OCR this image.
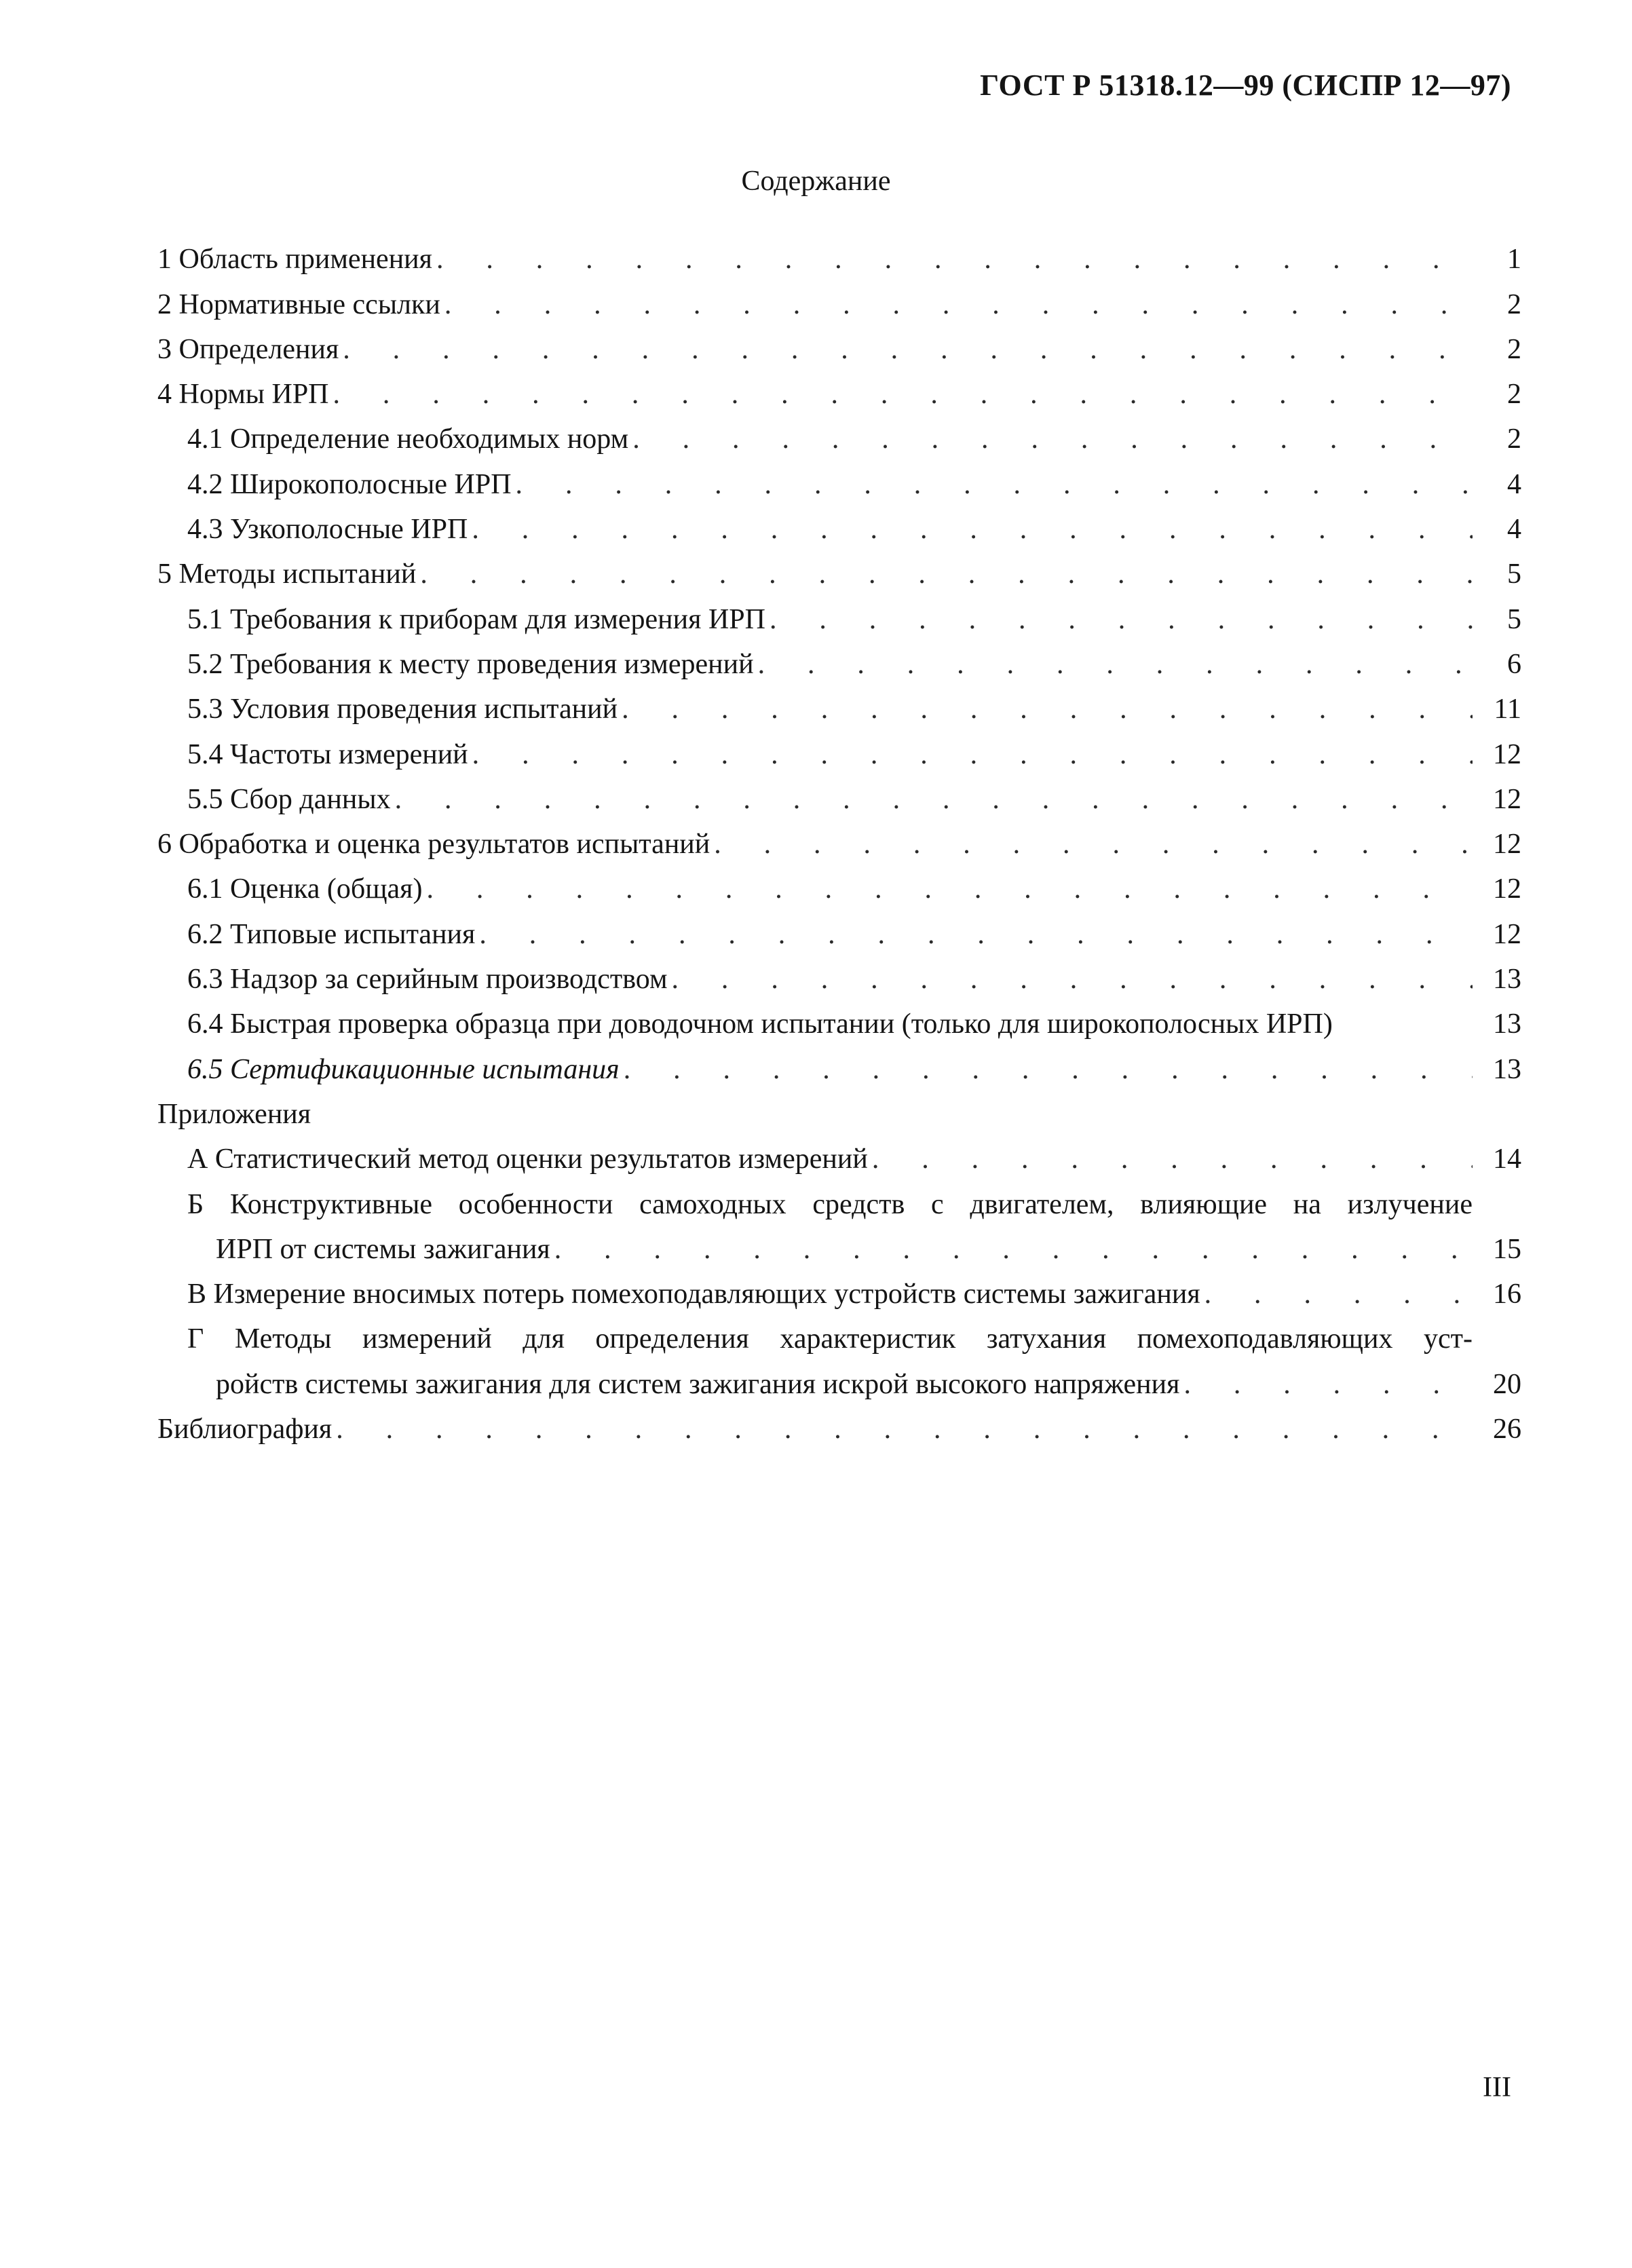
ГОСТ Р 51318.12—99 (СИСПР 12—97)
Содержание
1 Область применения . . .	1
2 Нормативные ссылки . . .	2
3 Определения . . .	2
4 Нормы ИРП . . .	2
4.1 Определение необходимых норм . . .	2
4.2 Широкополосные ИРП . . .	4
4.3 Узкополосные ИРП . . .	4
5 Методы испытаний . . .	5
5.1 Требования к приборам для измерения ИРП . . .	5
5.2 Требования к месту проведения измерений . . .	6
5.3 Условия проведения испытаний . . .	11
5.4 Частоты измерений . . .	12
5.5 Сбор данных . . .	12
6 Обработка и оценка результатов испытаний . . .	12
6.1 Оценка (общая) . . .	12
6.2 Типовые испытания . . .	12
6.3 Надзор за серийным производством . . .	13
6.4 Быстрая проверка образца при доводочном испытании (только для широкополосных ИРП)	13
6.5 Сертификационные испытания . . .	13
Приложения
А Статистический метод оценки результатов измерений . . .	14
Б Конструктивные особенности самоходных средств с двигателем, влияющие на излучение
ИРП от системы зажигания . . .	15
В Измерение вносимых потерь помехоподавляющих устройств системы зажигания . . .	16
Г Методы измерений для определения характеристик затухания помехоподавляющих уст-
ройств системы зажигания для систем зажигания искрой высокого напряжения . . .	20
Библиография . . .	26
III
